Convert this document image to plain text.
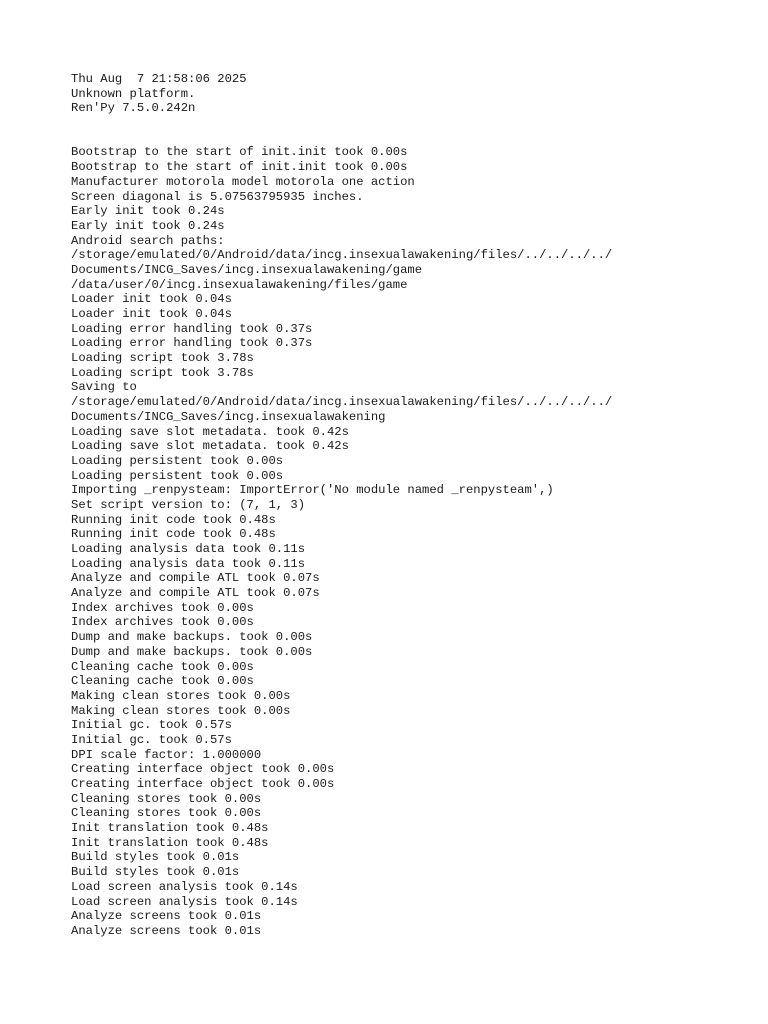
Thu Aug  7 21:58:06 2025
Unknown platform.
Ren'Py 7.5.0.242n
Bootstrap to the start of init.init took 0.00s
Bootstrap to the start of init.init took 0.00s
Manufacturer motorola model motorola one action
Screen diagonal is 5.07563795935 inches.
Early init took 0.24s
Early init took 0.24s
Android search paths:
/storage/emulated/0/Android/data/incg.insexualawakening/files/../../../../
Documents/INCG_Saves/incg.insexualawakening/game
/data/user/0/incg.insexualawakening/files/game
Loader init took 0.04s
Loader init took 0.04s
Loading error handling took 0.37s
Loading error handling took 0.37s
Loading script took 3.78s
Loading script took 3.78s
Saving to
/storage/emulated/0/Android/data/incg.insexualawakening/files/../../../../
Documents/INCG_Saves/incg.insexualawakening
Loading save slot metadata. took 0.42s
Loading save slot metadata. took 0.42s
Loading persistent took 0.00s
Loading persistent took 0.00s
Importing _renpysteam: ImportError('No module named _renpysteam',)
Set script version to: (7, 1, 3)
Running init code took 0.48s
Running init code took 0.48s
Loading analysis data took 0.11s
Loading analysis data took 0.11s
Analyze and compile ATL took 0.07s
Analyze and compile ATL took 0.07s
Index archives took 0.00s
Index archives took 0.00s
Dump and make backups. took 0.00s
Dump and make backups. took 0.00s
Cleaning cache took 0.00s
Cleaning cache took 0.00s
Making clean stores took 0.00s
Making clean stores took 0.00s
Initial gc. took 0.57s
Initial gc. took 0.57s
DPI scale factor: 1.000000
Creating interface object took 0.00s
Creating interface object took 0.00s
Cleaning stores took 0.00s
Cleaning stores took 0.00s
Init translation took 0.48s
Init translation took 0.48s
Build styles took 0.01s
Build styles took 0.01s
Load screen analysis took 0.14s
Load screen analysis took 0.14s
Analyze screens took 0.01s
Analyze screens took 0.01s
